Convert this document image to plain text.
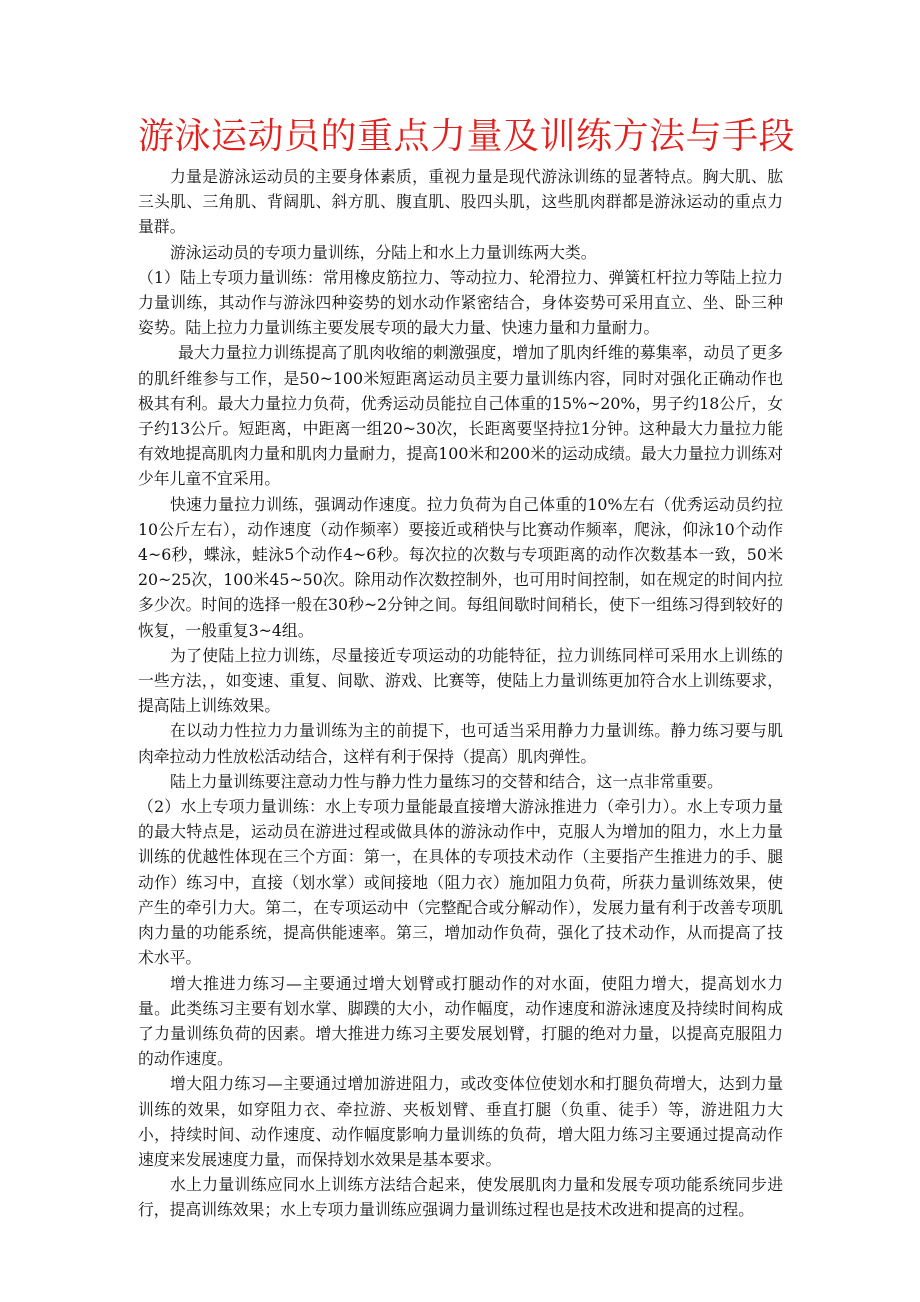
游泳运动员的重点力量及训练方法与手段

力量是游泳运动员的主要身体素质，重视力量是现代游泳训练的显著特点。胸大肌、肱三头肌、三角肌、背阔肌、斜方肌、腹直肌、股四头肌，这些肌肉群都是游泳运动的重点力量群。

游泳运动员的专项力量训练，分陆上和水上力量训练两大类。

（1）陆上专项力量训练：常用橡皮筋拉力、等动拉力、轮滑拉力、弹簧杠杆拉力等陆上拉力力量训练，其动作与游泳四种姿势的划水动作紧密结合，身体姿势可采用直立、坐、卧三种姿势。陆上拉力力量训练主要发展专项的最大力量、快速力量和力量耐力。

最大力量拉力训练提高了肌肉收缩的刺激强度，增加了肌肉纤维的募集率，动员了更多的肌纤维参与工作，是50~100米短距离运动员主要力量训练内容，同时对强化正确动作也极其有利。最大力量拉力负荷，优秀运动员能拉自己体重的15%~20%，男子约18公斤，女子约13公斤。短距离，中距离一组20~30次，长距离要坚持拉1分钟。这种最大力量拉力能有效地提高肌肉力量和肌肉力量耐力，提高100米和200米的运动成绩。最大力量拉力训练对少年儿童不宜采用。

快速力量拉力训练，强调动作速度。拉力负荷为自己体重的10%左右（优秀运动员约拉10公斤左右），动作速度（动作频率）要接近或稍快与比赛动作频率，爬泳，仰泳10个动作4~6秒，蝶泳，蛙泳5个动作4~6秒。每次拉的次数与专项距离的动作次数基本一致，50米20~25次，100米45~50次。除用动作次数控制外，也可用时间控制，如在规定的时间内拉多少次。时间的选择一般在30秒~2分钟之间。每组间歇时间稍长，使下一组练习得到较好的恢复，一般重复3~4组。

为了使陆上拉力训练，尽量接近专项运动的功能特征，拉力训练同样可采用水上训练的一些方法，，如变速、重复、间歇、游戏、比赛等，使陆上力量训练更加符合水上训练要求，提高陆上训练效果。

在以动力性拉力力量训练为主的前提下，也可适当采用静力力量训练。静力练习要与肌肉牵拉动力性放松活动结合，这样有利于保持（提高）肌肉弹性。

陆上力量训练要注意动力性与静力性力量练习的交替和结合，这一点非常重要。

（2）水上专项力量训练：水上专项力量能最直接增大游泳推进力（牵引力）。水上专项力量的最大特点是，运动员在游进过程或做具体的游泳动作中，克服人为增加的阻力，水上力量训练的优越性体现在三个方面：第一，在具体的专项技术动作（主要指产生推进力的手、腿动作）练习中，直接（划水掌）或间接地（阻力衣）施加阻力负荷，所获力量训练效果，使产生的牵引力大。第二，在专项运动中（完整配合或分解动作），发展力量有利于改善专项肌肉力量的功能系统，提高供能速率。第三，增加动作负荷，强化了技术动作，从而提高了技术水平。

增大推进力练习—主要通过增大划臂或打腿动作的对水面，使阻力增大，提高划水力量。此类练习主要有划水掌、脚蹼的大小，动作幅度，动作速度和游泳速度及持续时间构成了力量训练负荷的因素。增大推进力练习主要发展划臂，打腿的绝对力量，以提高克服阻力的动作速度。

增大阻力练习—主要通过增加游进阻力，或改变体位使划水和打腿负荷增大，达到力量训练的效果，如穿阻力衣、牵拉游、夹板划臂、垂直打腿（负重、徒手）等，游进阻力大小，持续时间、动作速度、动作幅度影响力量训练的负荷，增大阻力练习主要通过提高动作速度来发展速度力量，而保持划水效果是基本要求。

水上力量训练应同水上训练方法结合起来，使发展肌肉力量和发展专项功能系统同步进行，提高训练效果；水上专项力量训练应强调力量训练过程也是技术改进和提高的过程。
